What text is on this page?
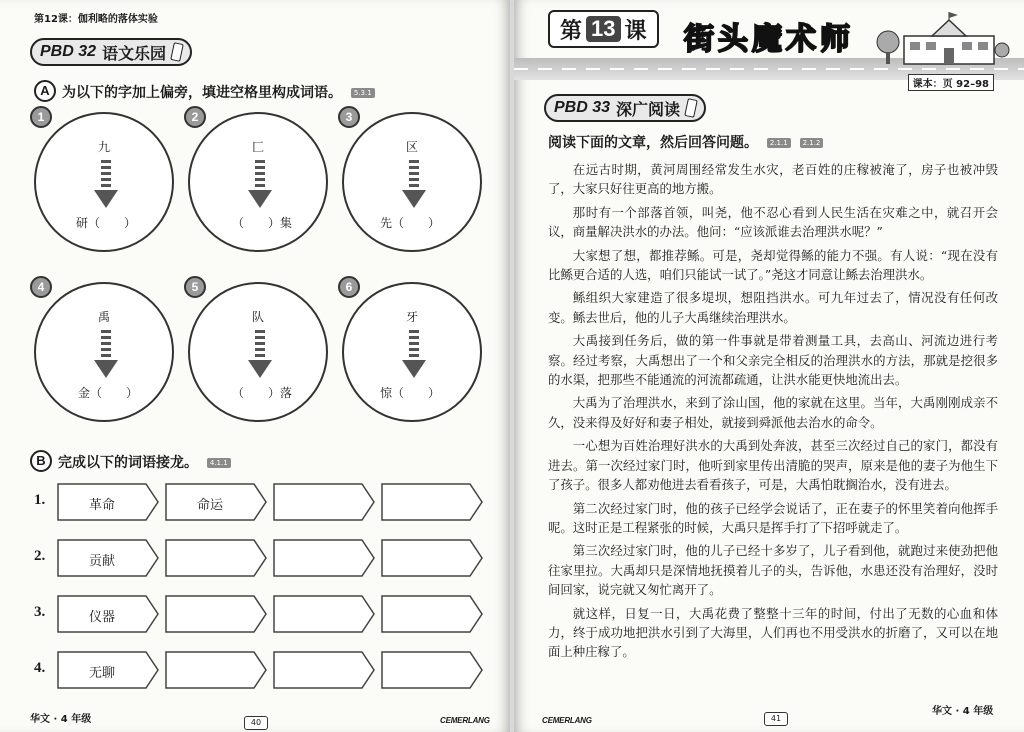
第12课：伽利略的落体实验
PBD 32 语文乐园
A 为以下的字加上偏旁，填进空格里构成词语。 5.3.1
1
九
研（　　）
2
匚
（　　）集
3
区
先（　　）
4
禹
金（　　）
5
队
（　　）落
6
牙
惊（　　）
B 完成以下的词语接龙。 4.1.1
1.	革命	命运
2.	贡献
3.	仪器
4.	无聊
华文 · 4 年级	40	CEMERLANG
第 13 课 街头魔术师
课本：页 92–98
PBD 33 深广阅读
阅读下面的文章，然后回答问题。 2.1.1 2.1.2

在远古时期，黄河周围经常发生水灾，老百姓的庄稼被淹了，房子也被冲毁了，大家只好往更高的地方搬。

那时有一个部落首领，叫尧，他不忍心看到人民生活在灾难之中，就召开会议，商量解决洪水的办法。他问：“应该派谁去治理洪水呢？”

大家想了想，都推荐鲧。可是，尧却觉得鲧的能力不强。有人说：“现在没有比鲧更合适的人选，咱们只能试一试了。”尧这才同意让鲧去治理洪水。

鲧组织大家建造了很多堤坝，想阻挡洪水。可九年过去了，情况没有任何改变。鲧去世后，他的儿子大禹继续治理洪水。

大禹接到任务后，做的第一件事就是带着测量工具，去高山、河流边进行考察。经过考察，大禹想出了一个和父亲完全相反的治理洪水的方法，那就是挖很多的水渠，把那些不能通流的河流都疏通，让洪水能更快地流出去。

大禹为了治理洪水，来到了涂山国，他的家就在这里。当年，大禹刚刚成亲不久，没来得及好好和妻子相处，就接到舜派他去治水的命令。

一心想为百姓治理好洪水的大禹到处奔波，甚至三次经过自己的家门，都没有进去。第一次经过家门时，他听到家里传出清脆的哭声，原来是他的妻子为他生下了孩子。很多人都劝他进去看看孩子，可是，大禹怕耽搁治水，没有进去。

第二次经过家门时，他的孩子已经学会说话了，正在妻子的怀里笑着向他挥手呢。这时正是工程紧张的时候，大禹只是挥手打了下招呼就走了。

第三次经过家门时，他的儿子已经十多岁了，儿子看到他，就跑过来使劲把他往家里拉。大禹却只是深情地抚摸着儿子的头，告诉他，水患还没有治理好，没时间回家，说完就又匆忙离开了。

就这样，日复一日，大禹花费了整整十三年的时间，付出了无数的心血和体力，终于成功地把洪水引到了大海里，人们再也不用受洪水的折磨了，又可以在地面上种庄稼了。

CEMERLANG	41
华文 · 4 年级
